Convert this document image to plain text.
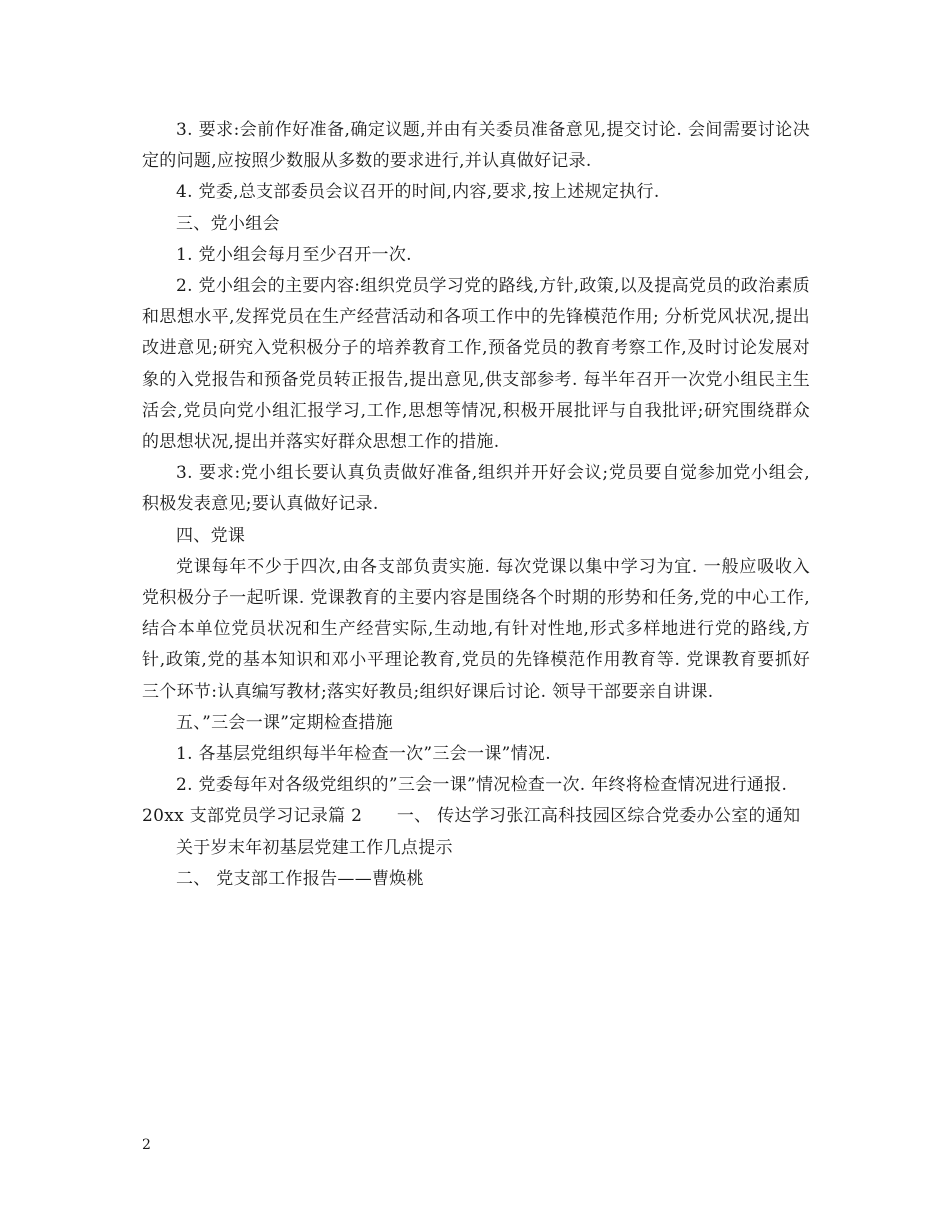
3. 要求:会前作好准备,确定议题,并由有关委员准备意见,提交讨论. 会间需要讨论决定的问题,应按照少数服从多数的要求进行,并认真做好记录.

4. 党委,总支部委员会议召开的时间,内容,要求,按上述规定执行.

三、党小组会

1. 党小组会每月至少召开一次.

2. 党小组会的主要内容:组织党员学习党的路线,方针,政策,以及提高党员的政治素质和思想水平,发挥党员在生产经营活动和各项工作中的先锋模范作用; 分析党风状况,提出改进意见;研究入党积极分子的培养教育工作,预备党员的教育考察工作,及时讨论发展对象的入党报告和预备党员转正报告,提出意见,供支部参考. 每半年召开一次党小组民主生活会,党员向党小组汇报学习,工作,思想等情况,积极开展批评与自我批评;研究围绕群众的思想状况,提出并落实好群众思想工作的措施.

3. 要求:党小组长要认真负责做好准备,组织并开好会议;党员要自觉参加党小组会,积极发表意见;要认真做好记录.

四、党课

党课每年不少于四次,由各支部负责实施. 每次党课以集中学习为宜. 一般应吸收入党积极分子一起听课. 党课教育的主要内容是围绕各个时期的形势和任务,党的中心工作,结合本单位党员状况和生产经营实际,生动地,有针对性地,形式多样地进行党的路线,方针,政策,党的基本知识和邓小平理论教育,党员的先锋模范作用教育等. 党课教育要抓好三个环节:认真编写教材;落实好教员;组织好课后讨论. 领导干部要亲自讲课.

五、”三会一课”定期检查措施

1. 各基层党组织每半年检查一次”三会一课”情况.

2. 党委每年对各级党组织的”三会一课”情况检查一次. 年终将检查情况进行通报.

20xx 支部党员学习记录篇 2　　一、 传达学习张江高科技园区综合党委办公室的通知

关于岁末年初基层党建工作几点提示

二、 党支部工作报告——曹焕桃

2
